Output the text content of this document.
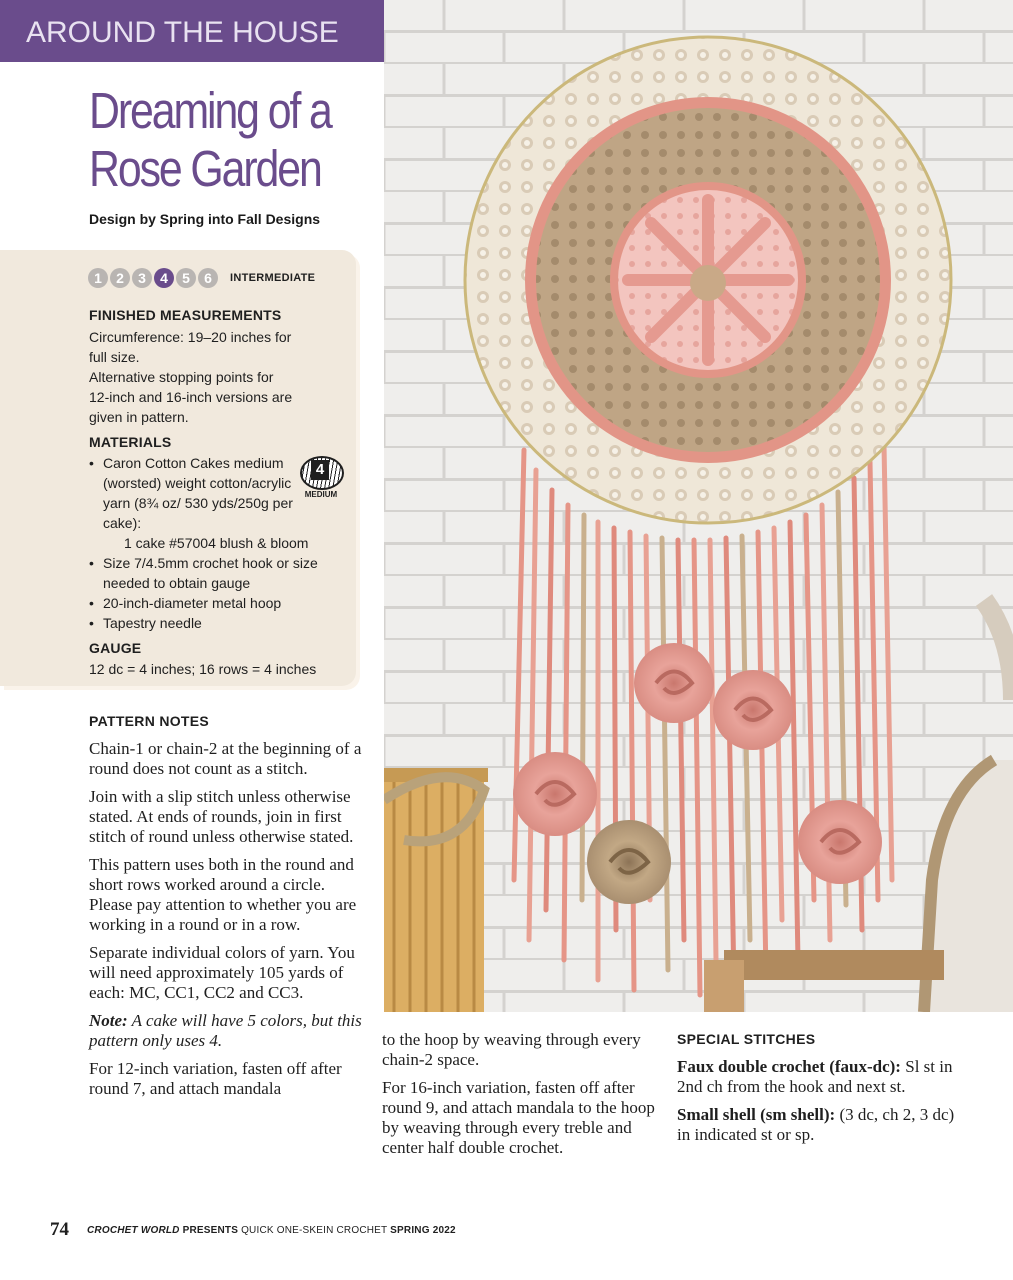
AROUND THE HOUSE
Dreaming of a
Rose Garden
Design by Spring into Fall Designs
1	2	3	4	5	6	INTERMEDIATE
FINISHED MEASUREMENTS
Circumference: 19–20 inches for
full size.
Alternative stopping points for
12-inch and 16-inch versions are
given in pattern.
MATERIALS
• Caron Cotton Cakes medium (worsted) weight cotton/acrylic yarn (8¾ oz/ 530 yds/250g per cake):
1 cake #57004 blush & bloom
• Size 7/4.5mm crochet hook or size needed to obtain gauge
• 20-inch-diameter metal hoop
• Tapestry needle
4
MEDIUM
GAUGE
12 dc = 4 inches; 16 rows = 4 inches
PATTERN NOTES

Chain-1 or chain-2 at the beginning of a round does not count as a stitch.

Join with a slip stitch unless otherwise stated. At ends of rounds, join in first stitch of round unless otherwise stated.

This pattern uses both in the round and short rows worked around a circle. Please pay attention to whether you are working in a round or in a row.

Separate individual colors of yarn. You will need approximately 105 yards of each: MC, CC1, CC2 and CC3.

Note: A cake will have 5 colors, but this pattern only uses 4.

For 12-inch variation, fasten off after round 7, and attach mandala

to the hoop by weaving through every chain-2 space.

For 16-inch variation, fasten off after round 9, and attach mandala to the hoop by weaving through every treble and center half double crochet.

SPECIAL STITCHES

Faux double crochet (faux-dc): Sl st in 2nd ch from the hook and next st.

Small shell (sm shell): (3 dc, ch 2, 3 dc) in indicated st or sp.

74 CROCHET WORLD PRESENTS QUICK ONE-SKEIN CROCHET SPRING 2022
